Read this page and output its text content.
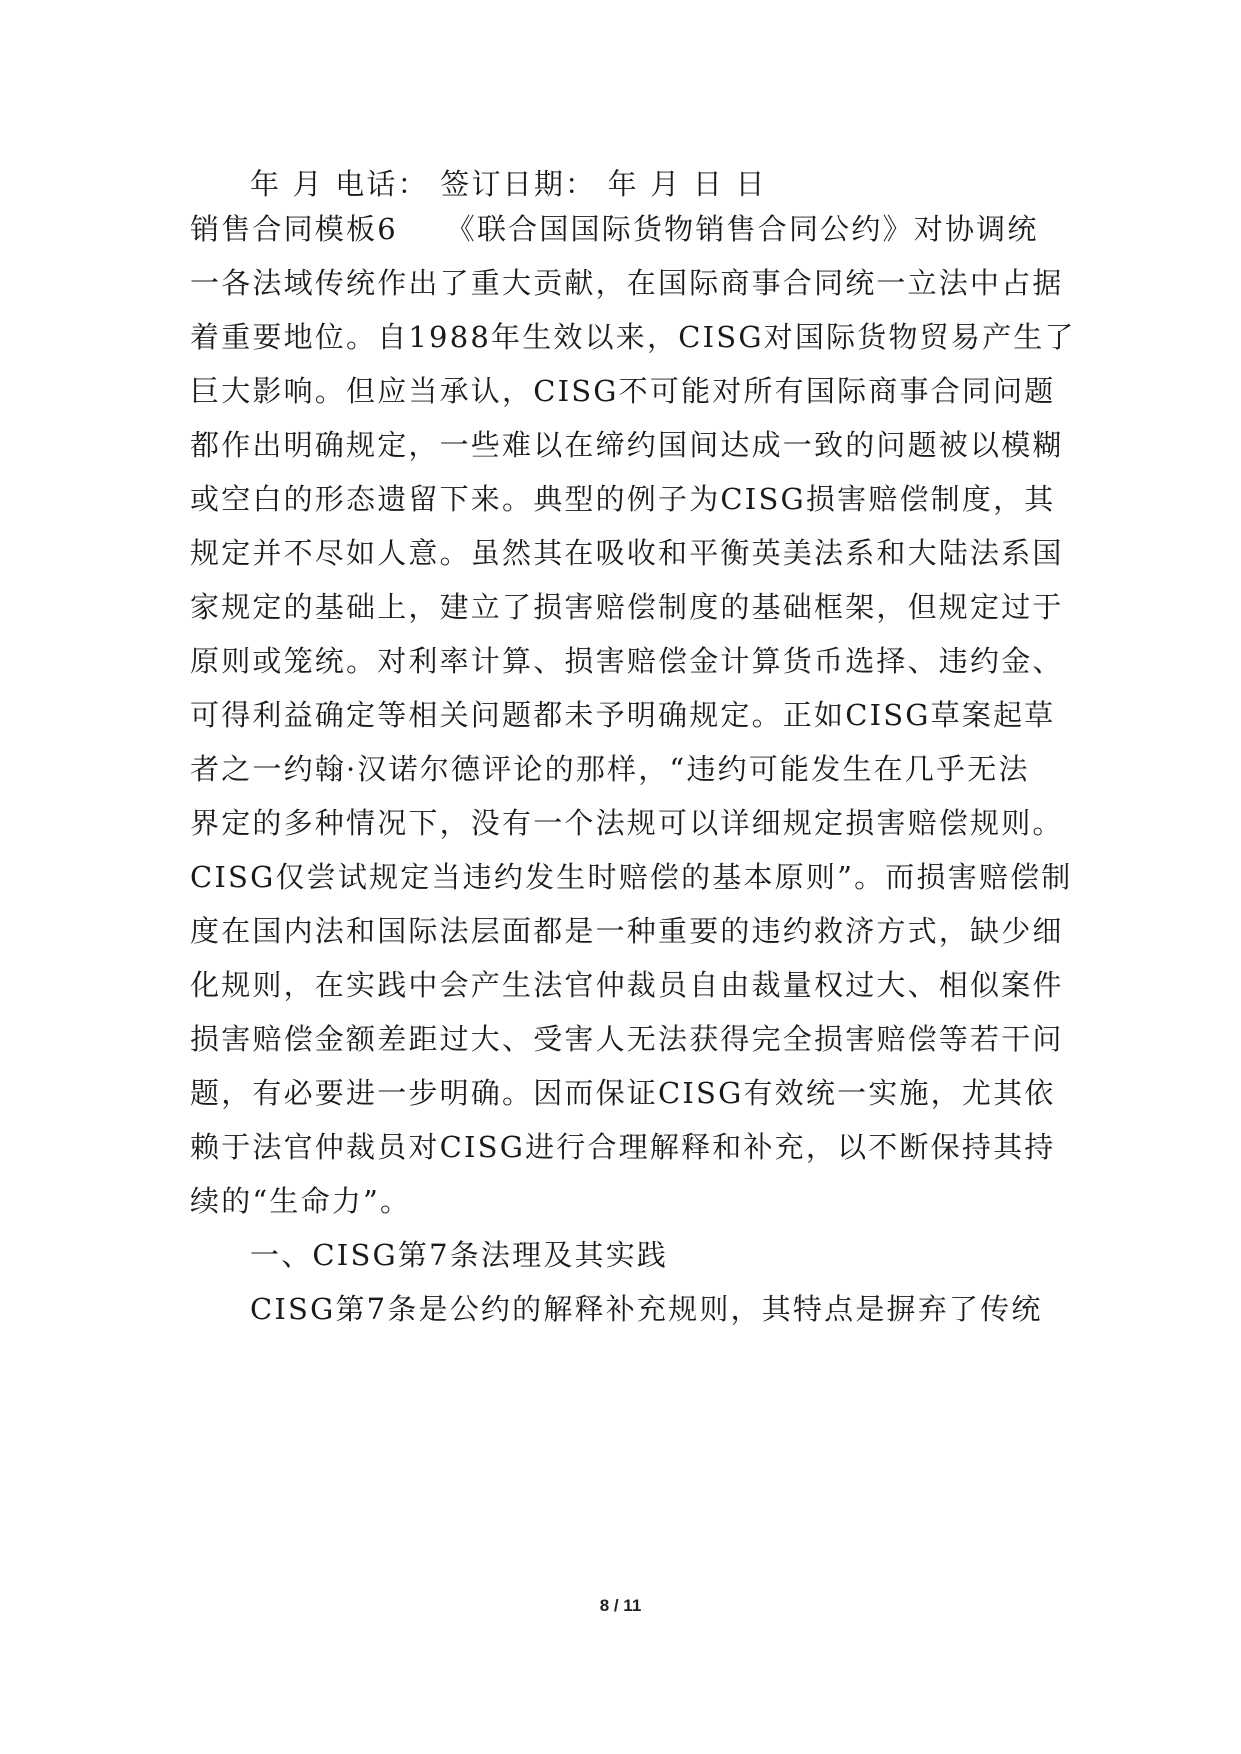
年 月 电话： 签订日期： 年 月 日 日
销售合同模板6　　《联合国国际货物销售合同公约》对协调统
一各法域传统作出了重大贡献，在国际商事合同统一立法中占据
着重要地位。自1988年生效以来，CISG对国际货物贸易产生了
巨大影响。但应当承认，CISG不可能对所有国际商事合同问题
都作出明确规定，一些难以在缔约国间达成一致的问题被以模糊
或空白的形态遗留下来。典型的例子为CISG损害赔偿制度，其
规定并不尽如人意。虽然其在吸收和平衡英美法系和大陆法系国
家规定的基础上，建立了损害赔偿制度的基础框架，但规定过于
原则或笼统。对利率计算、损害赔偿金计算货币选择、违约金、
可得利益确定等相关问题都未予明确规定。正如CISG草案起草
者之一约翰·汉诺尔德评论的那样，“违约可能发生在几乎无法
界定的多种情况下，没有一个法规可以详细规定损害赔偿规则。
CISG仅尝试规定当违约发生时赔偿的基本原则”。而损害赔偿制
度在国内法和国际法层面都是一种重要的违约救济方式，缺少细
化规则，在实践中会产生法官仲裁员自由裁量权过大、相似案件
损害赔偿金额差距过大、受害人无法获得完全损害赔偿等若干问
题，有必要进一步明确。因而保证CISG有效统一实施，尤其依
赖于法官仲裁员对CISG进行合理解释和补充，以不断保持其持
续的“生命力”。
一、CISG第7条法理及其实践
CISG第7条是公约的解释补充规则，其特点是摒弃了传统
8 / 11
